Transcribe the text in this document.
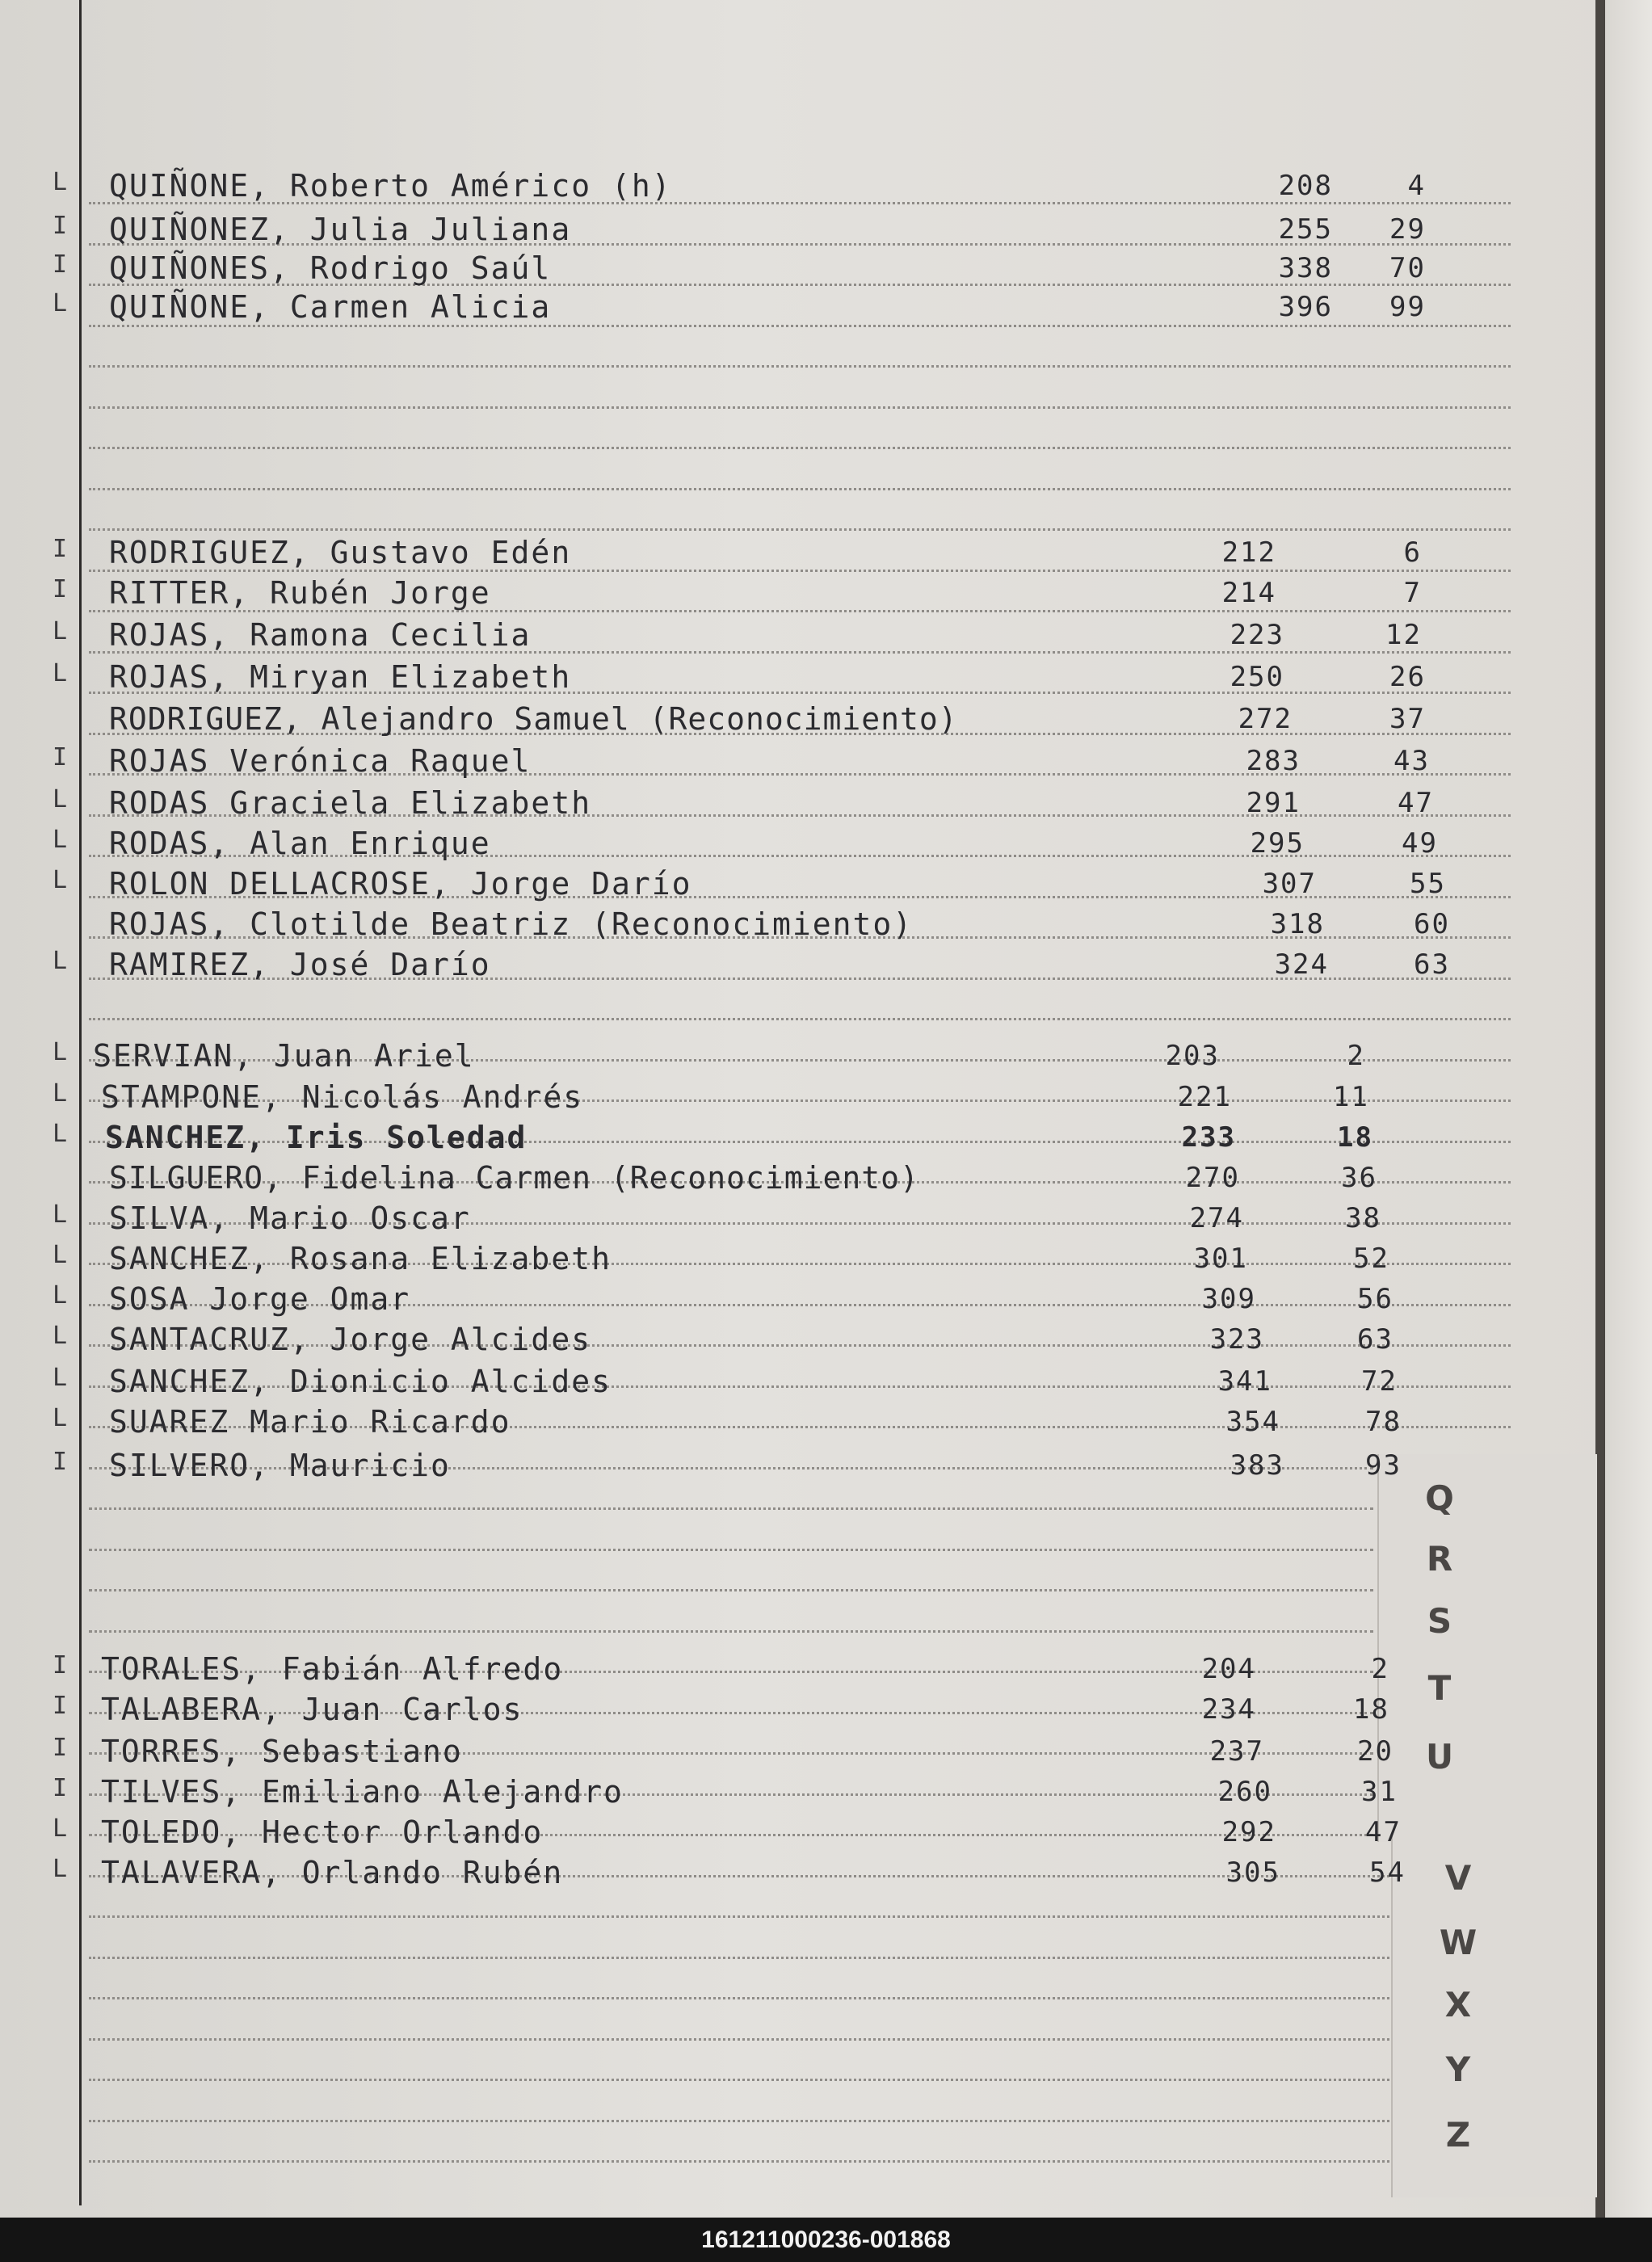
Q
R
S
T
U
V
W
X
Y
Z
L QUIÑONE, Roberto Américo (h)	208	4
I QUIÑONEZ, Julia Juliana	255	29
I QUIÑONES, Rodrigo Saúl	338	70
L QUIÑONE, Carmen Alicia	396	99
I RODRIGUEZ, Gustavo Edén	212	6
I RITTER, Rubén Jorge	214	7
L ROJAS, Ramona Cecilia	223	12
L ROJAS, Miryan Elizabeth	250	26
RODRIGUEZ, Alejandro Samuel (Reconocimiento)	272	37
I ROJAS Verónica Raquel	283	43
L RODAS Graciela Elizabeth	291	47
L RODAS, Alan Enrique	295	49
L ROLON DELLACROSE, Jorge Darío	307	55
ROJAS, Clotilde Beatriz (Reconocimiento)	318	60
L RAMIREZ, José Darío	324	63
L SERVIAN, Juan Ariel	203	2
L STAMPONE, Nicolás Andrés	221	11
L SANCHEZ, Iris Soledad	233	18
SILGUERO, Fidelina Carmen (Reconocimiento)	270	36
L SILVA, Mario Oscar	274	38
L SANCHEZ, Rosana Elizabeth	301	52
L SOSA Jorge Omar	309	56
L SANTACRUZ, Jorge Alcides	323	63
L SANCHEZ, Dionicio Alcides	341	72
L SUAREZ Mario Ricardo	354	78
I SILVERO, Mauricio	383	93
I TORALES, Fabián Alfredo	204	2
I TALABERA, Juan Carlos	234	18
I TORRES, Sebastiano	237	20
I TILVES, Emiliano Alejandro	260	31
L TOLEDO, Hector Orlando	292	47
L TALAVERA, Orlando Rubén	305	54
161211000236-001868
